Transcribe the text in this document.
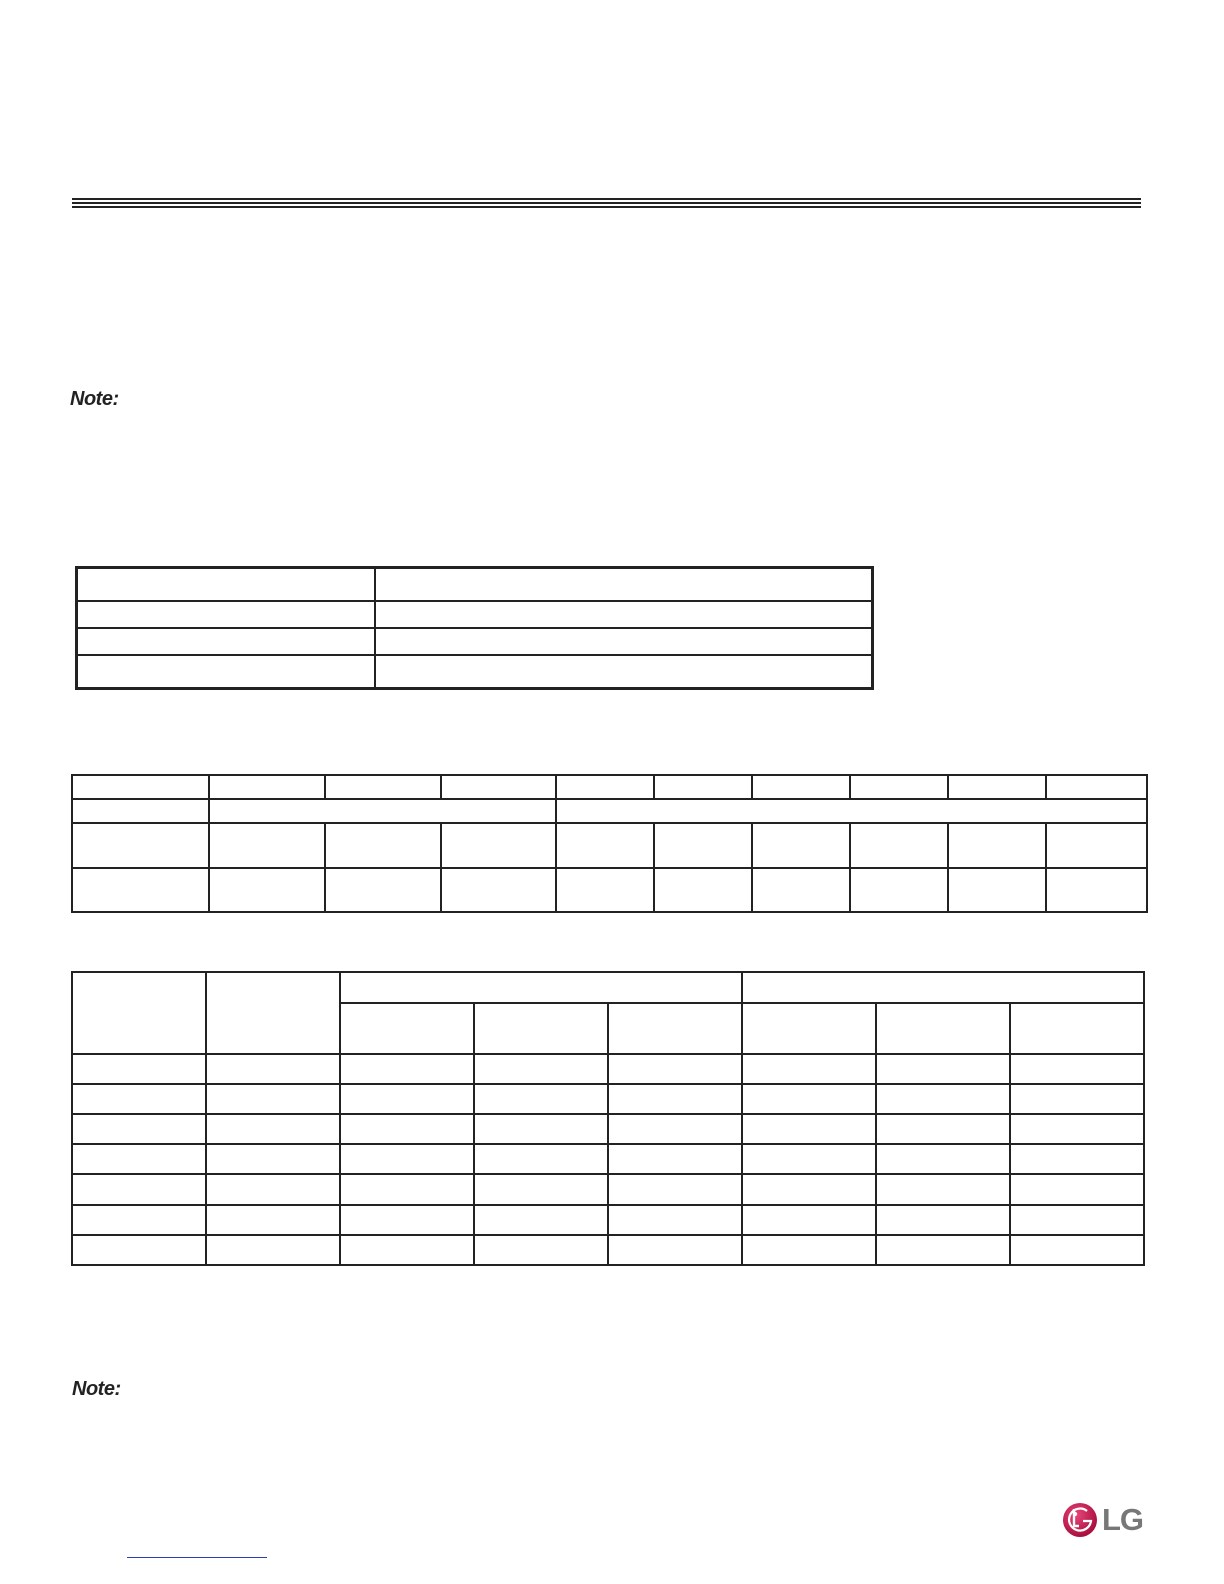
Note:

Note:
LG
